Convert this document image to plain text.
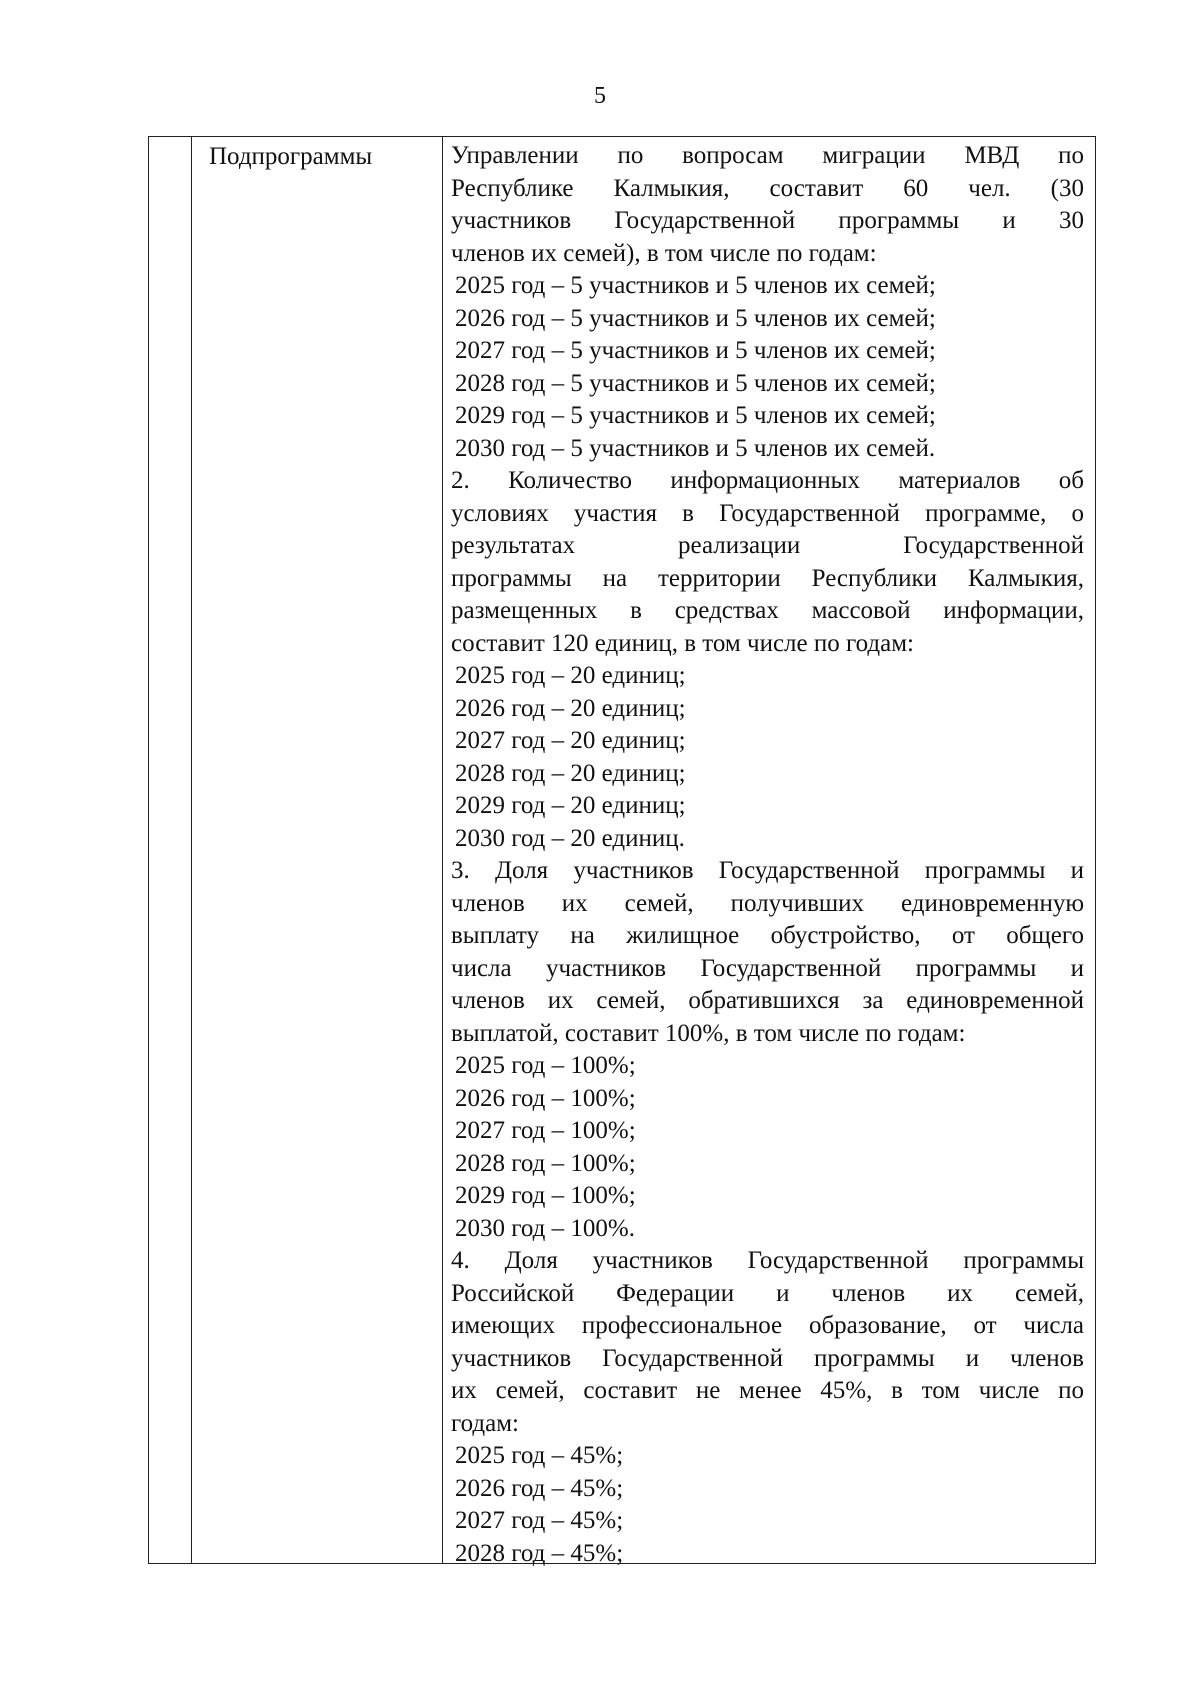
5
Подпрограммы	Управлении по вопросам миграции МВД по

Республике Калмыкия, составит 60 чел. (30

участников Государственной программы и 30

членов их семей), в том числе по годам:

2025 год – 5 участников и 5 членов их семей;

2026 год – 5 участников и 5 членов их семей;

2027 год – 5 участников и 5 членов их семей;

2028 год – 5 участников и 5 членов их семей;

2029 год – 5 участников и 5 членов их семей;

2030 год – 5 участников и 5 членов их семей.

2. Количество информационных материалов об

условиях участия в Государственной программе, о

результатах реализации Государственной

программы на территории Республики Калмыкия,

размещенных в средствах массовой информации,

составит 120 единиц, в том числе по годам:

2025 год – 20 единиц;

2026 год – 20 единиц;

2027 год – 20 единиц;

2028 год – 20 единиц;

2029 год – 20 единиц;

2030 год – 20 единиц.

3. Доля участников Государственной программы и

членов их семей, получивших единовременную

выплату на жилищное обустройство, от общего

числа участников Государственной программы и

членов их семей, обратившихся за единовременной

выплатой, составит 100%, в том числе по годам:

2025 год – 100%;

2026 год – 100%;

2027 год – 100%;

2028 год – 100%;

2029 год – 100%;

2030 год – 100%.

4. Доля участников Государственной программы

Российской Федерации и членов их семей,

имеющих профессиональное образование, от числа

участников Государственной программы и членов

их семей, составит не менее 45%, в том числе по

годам:

2025 год – 45%;

2026 год – 45%;

2027 год – 45%;

2028 год – 45%;
